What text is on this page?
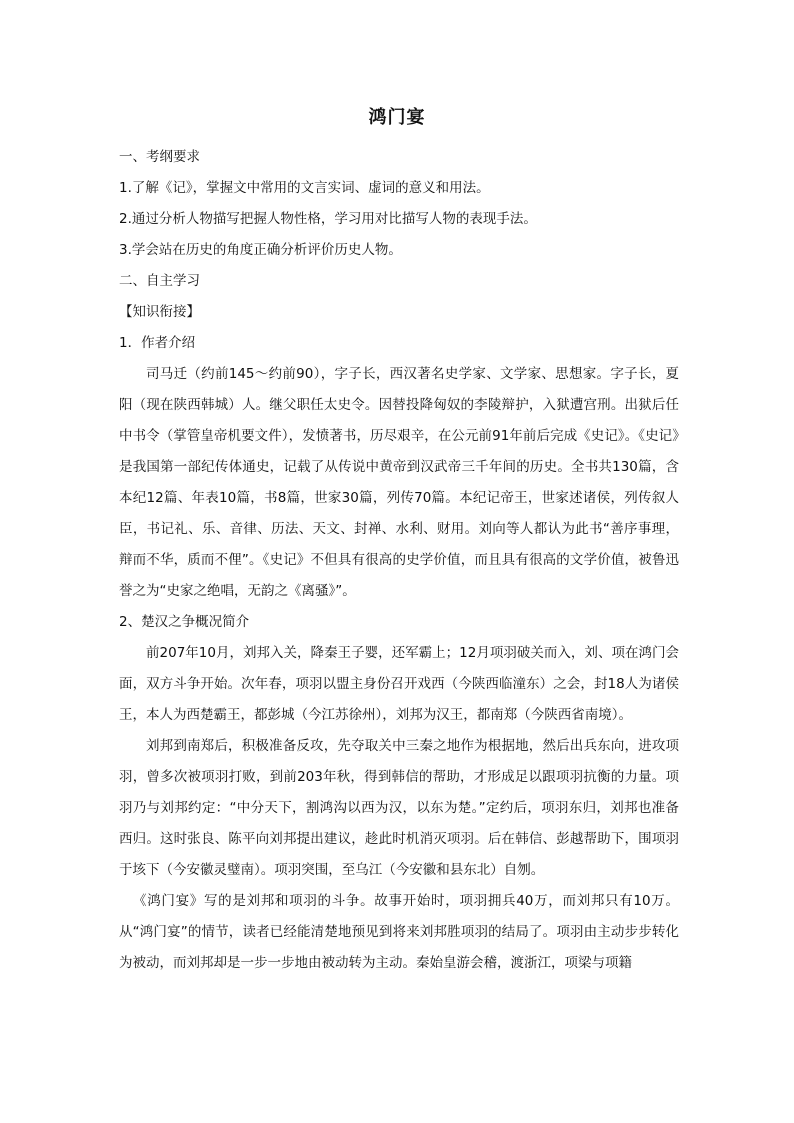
鸿门宴

一、考纲要求

1.了解《记》，掌握文中常用的文言实词、虚词的意义和用法。

2.通过分析人物描写把握人物性格，学习用对比描写人物的表现手法。

3.学会站在历史的角度正确分析评价历史人物。

二、自主学习

【知识衔接】

1．作者介绍

司马迁（约前145～约前90），字子长，西汉著名史学家、文学家、思想家。字子长，夏阳（现在陕西韩城）人。继父职任太史令。因替投降匈奴的李陵辩护，入狱遭宫刑。出狱后任中书令（掌管皇帝机要文件），发愤著书，历尽艰辛，在公元前91年前后完成《史记》。《史记》是我国第一部纪传体通史，记载了从传说中黄帝到汉武帝三千年间的历史。全书共130篇，含本纪12篇、年表10篇，书8篇，世家30篇，列传70篇。本纪记帝王，世家述诸侯，列传叙人臣，书记礼、乐、音律、历法、天文、封禅、水利、财用。刘向等人都认为此书“善序事理，辩而不华，质而不俚”。《史记》不但具有很高的史学价值，而且具有很高的文学价值，被鲁迅誉之为“史家之绝唱，无韵之《离骚》”。

2、楚汉之争概况简介

前207年10月，刘邦入关，降秦王子婴，还军霸上；12月项羽破关而入，刘、项在鸿门会面，双方斗争开始。次年春，项羽以盟主身份召开戏西（今陕西临潼东）之会，封18人为诸侯王，本人为西楚霸王，都彭城（今江苏徐州），刘邦为汉王，都南郑（今陕西省南境）。

刘邦到南郑后，积极准备反攻，先夺取关中三秦之地作为根据地，然后出兵东向，进攻项羽，曾多次被项羽打败，到前203年秋，得到韩信的帮助，才形成足以跟项羽抗衡的力量。项羽乃与刘邦约定：“中分天下，割鸿沟以西为汉，以东为楚。”定约后，项羽东归，刘邦也准备西归。这时张良、陈平向刘邦提出建议，趁此时机消灭项羽。后在韩信、彭越帮助下，围项羽于垓下（今安徽灵璧南）。项羽突围，至乌江（今安徽和县东北）自刎。

《鸿门宴》写的是刘邦和项羽的斗争。故事开始时，项羽拥兵40万，而刘邦只有10万。从“鸿门宴”的情节，读者已经能清楚地预见到将来刘邦胜项羽的结局了。项羽由主动步步转化为被动，而刘邦却是一步一步地由被动转为主动。秦始皇游会稽，渡浙江，项梁与项籍
